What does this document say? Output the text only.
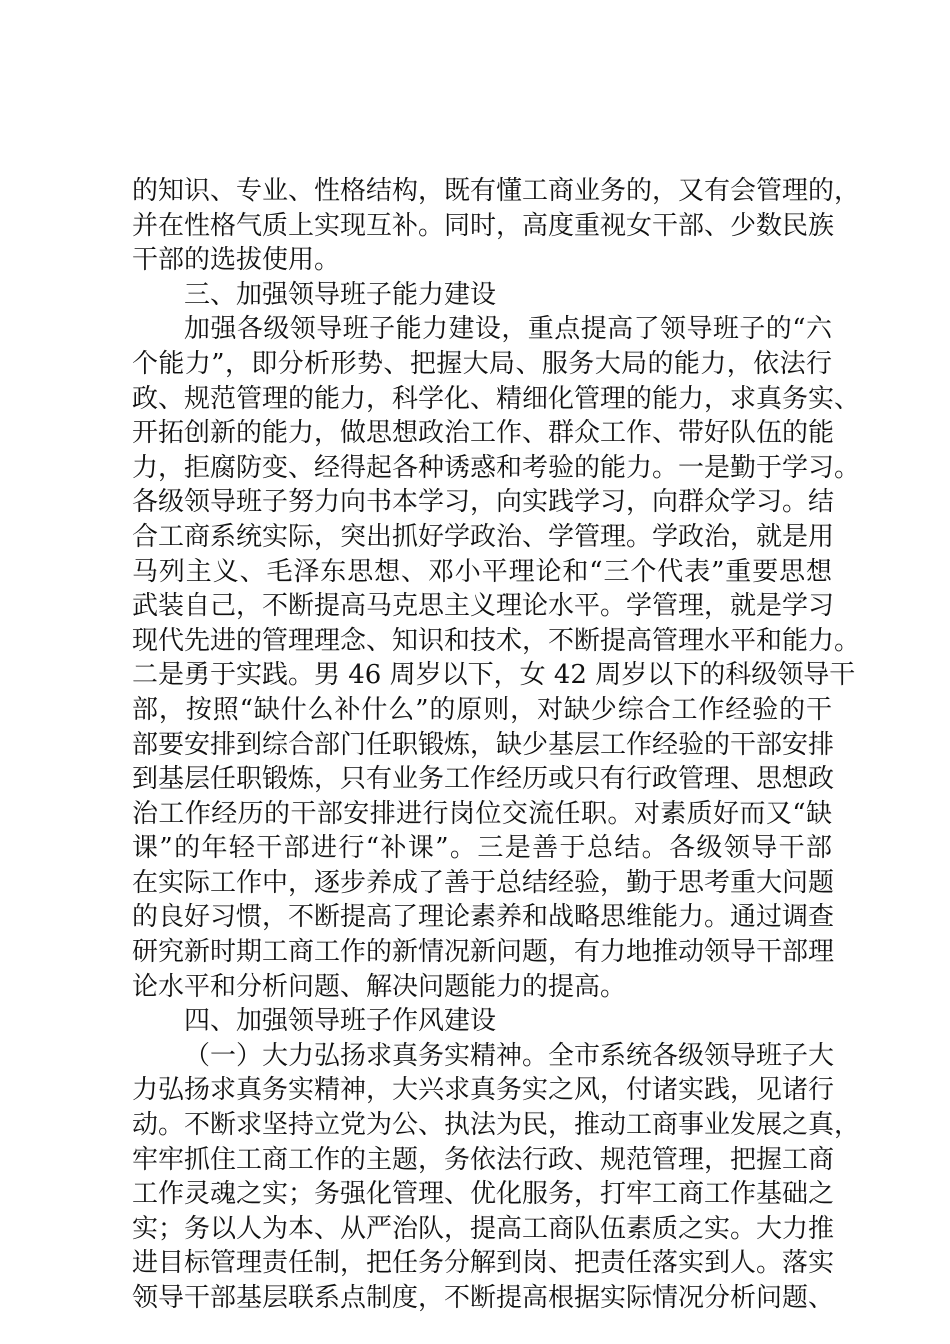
的知识、专业、性格结构，既有懂工商业务的，又有会管理的，
并在性格气质上实现互补。同时，高度重视女干部、少数民族
干部的选拔使用。
三、加强领导班子能力建设
加强各级领导班子能力建设，重点提高了领导班子的“六
个能力”，即分析形势、把握大局、服务大局的能力，依法行
政、规范管理的能力，科学化、精细化管理的能力，求真务实、
开拓创新的能力，做思想政治工作、群众工作、带好队伍的能
力，拒腐防变、经得起各种诱惑和考验的能力。一是勤于学习。
各级领导班子努力向书本学习，向实践学习，向群众学习。结
合工商系统实际，突出抓好学政治、学管理。学政治，就是用
马列主义、毛泽东思想、邓小平理论和“三个代表”重要思想
武装自己，不断提高马克思主义理论水平。学管理，就是学习
现代先进的管理理念、知识和技术，不断提高管理水平和能力。
二是勇于实践。男 46 周岁以下，女 42 周岁以下的科级领导干
部，按照“缺什么补什么”的原则，对缺少综合工作经验的干
部要安排到综合部门任职锻炼，缺少基层工作经验的干部安排
到基层任职锻炼，只有业务工作经历或只有行政管理、思想政
治工作经历的干部安排进行岗位交流任职。对素质好而又“缺
课”的年轻干部进行“补课”。三是善于总结。各级领导干部
在实际工作中，逐步养成了善于总结经验，勤于思考重大问题
的良好习惯，不断提高了理论素养和战略思维能力。通过调查
研究新时期工商工作的新情况新问题，有力地推动领导干部理
论水平和分析问题、解决问题能力的提高。
四、加强领导班子作风建设
（一）大力弘扬求真务实精神。全市系统各级领导班子大
力弘扬求真务实精神，大兴求真务实之风，付诸实践，见诸行
动。不断求坚持立党为公、执法为民，推动工商事业发展之真，
牢牢抓住工商工作的主题，务依法行政、规范管理，把握工商
工作灵魂之实；务强化管理、优化服务，打牢工商工作基础之
实；务以人为本、从严治队，提高工商队伍素质之实。大力推
进目标管理责任制，把任务分解到岗、把责任落实到人。落实
领导干部基层联系点制度，不断提高根据实际情况分析问题、
